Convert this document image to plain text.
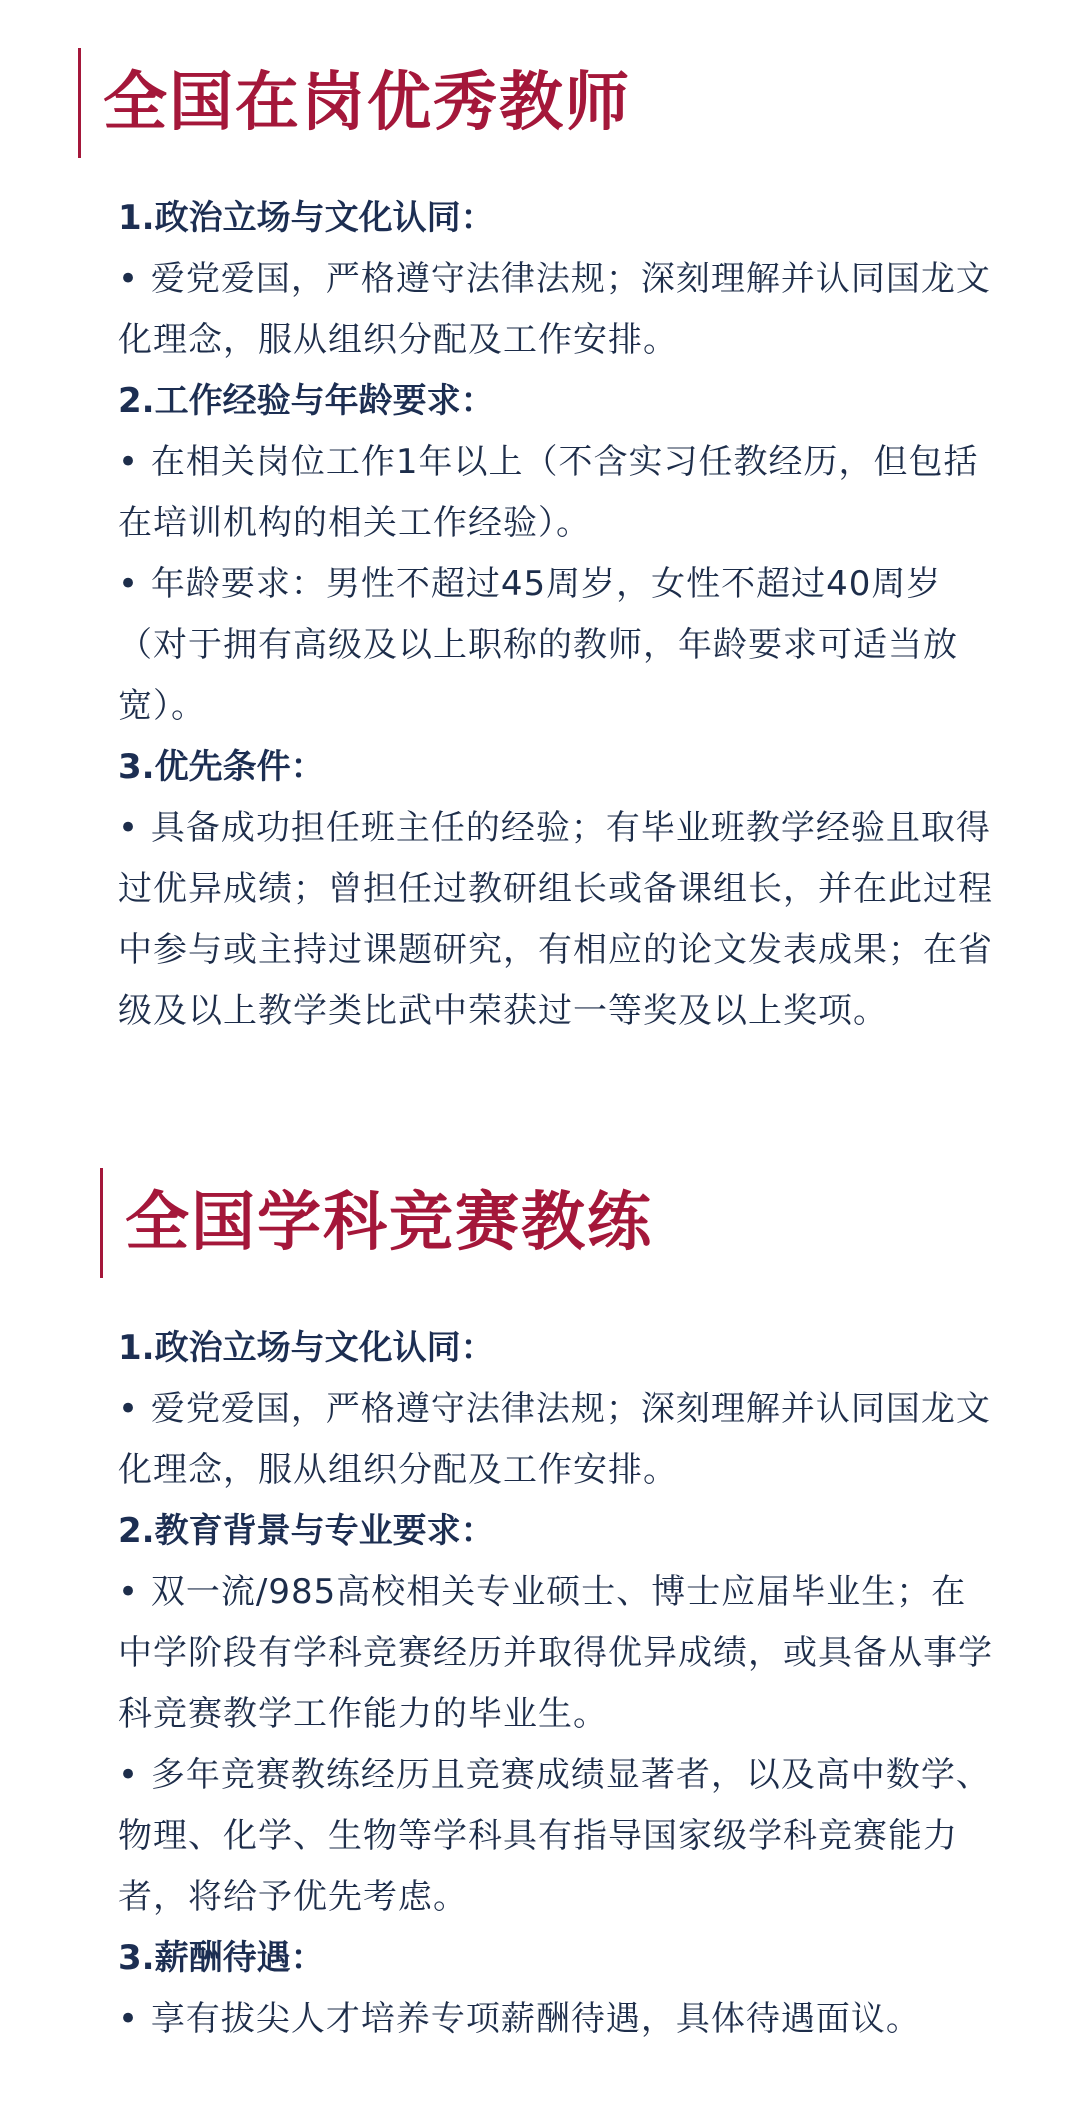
全国在岗优秀教师

1.政治立场与文化认同：

• 爱党爱国，严格遵守法律法规；深刻理解并认同国龙文化理念，服从组织分配及工作安排。

2.工作经验与年龄要求：

• 在相关岗位工作1年以上（不含实习任教经历，但包括在培训机构的相关工作经验）。

• 年龄要求：男性不超过45周岁，女性不超过40周岁（对于拥有高级及以上职称的教师，年龄要求可适当放宽）。

3.优先条件：

• 具备成功担任班主任的经验；有毕业班教学经验且取得过优异成绩；曾担任过教研组长或备课组长，并在此过程中参与或主持过课题研究，有相应的论文发表成果；在省级及以上教学类比武中荣获过一等奖及以上奖项。

全国学科竞赛教练

1.政治立场与文化认同：

• 爱党爱国，严格遵守法律法规；深刻理解并认同国龙文化理念，服从组织分配及工作安排。

2.教育背景与专业要求：

• 双一流/985高校相关专业硕士、博士应届毕业生；在中学阶段有学科竞赛经历并取得优异成绩，或具备从事学科竞赛教学工作能力的毕业生。

• 多年竞赛教练经历且竞赛成绩显著者，以及高中数学、物理、化学、生物等学科具有指导国家级学科竞赛能力者，将给予优先考虑。

3.薪酬待遇：

• 享有拔尖人才培养专项薪酬待遇，具体待遇面议。
